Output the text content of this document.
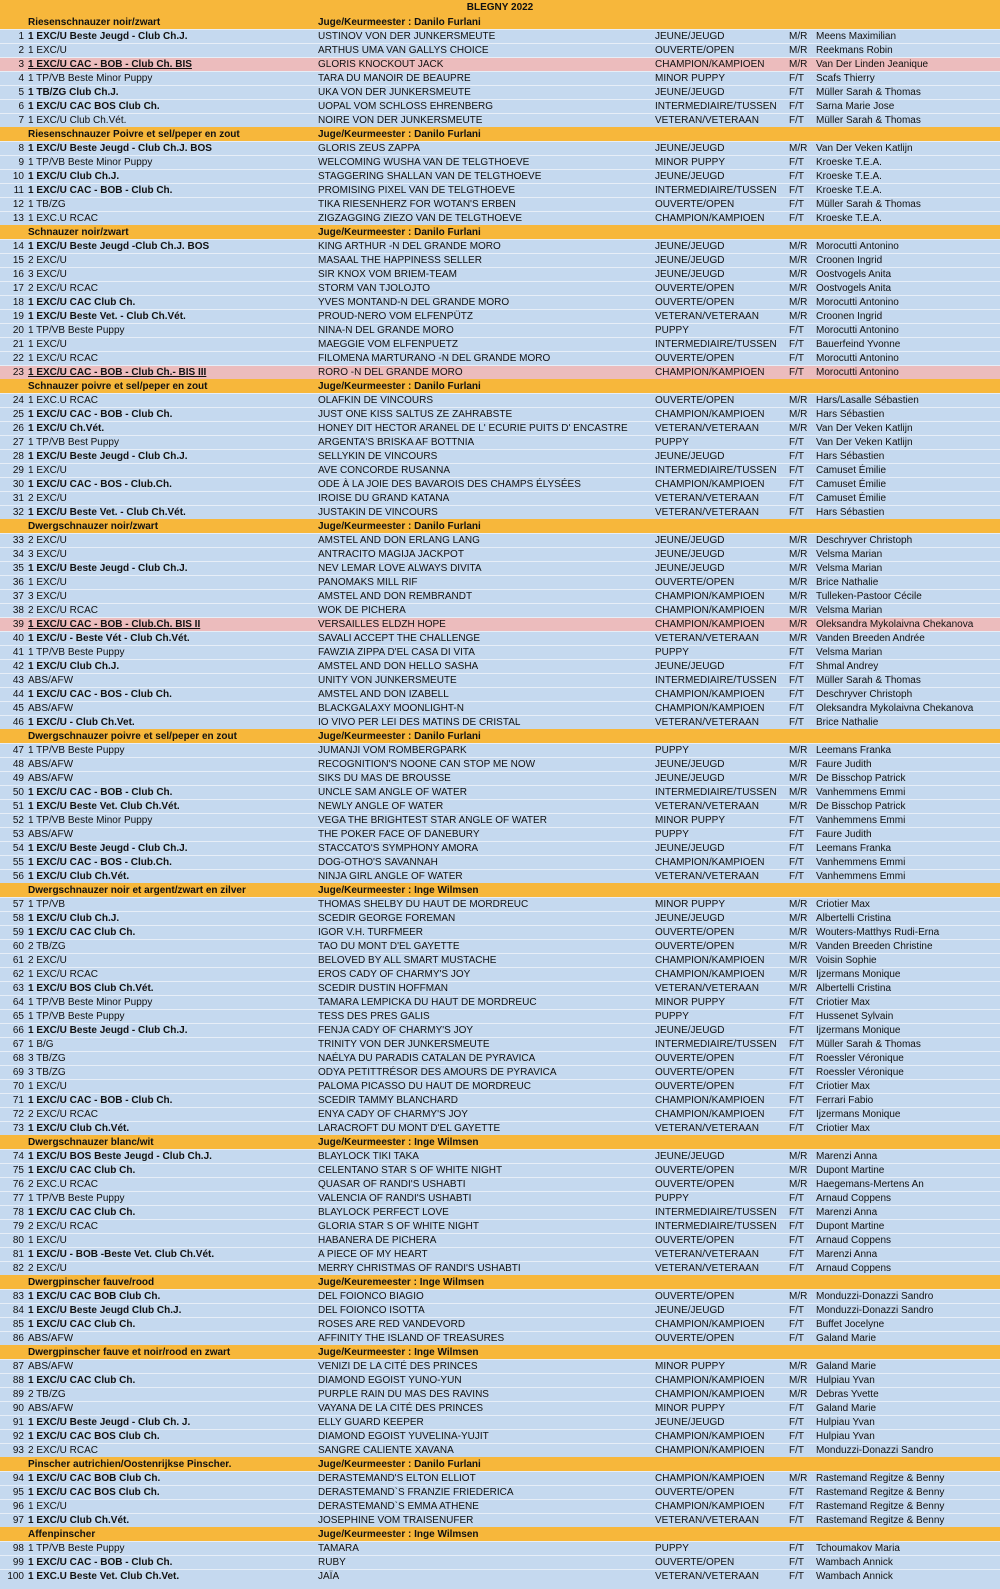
BLEGNY 2022
Riesenschnauzer noir/zwart	Juge/Keurmeester : Danilo Furlani
1 1 EXC/U Beste Jeugd - Club Ch.J.	USTINOV VON DER JUNKERSMEUTE	JEUNE/JEUGD	M/R Meens Maximilian
2 1 EXC/U	ARTHUS UMA VAN GALLYS CHOICE	OUVERTE/OPEN	M/R Reekmans Robin
3 1 EXC/U CAC - BOB - Club Ch. BIS	GLORIS KNOCKOUT JACK	CHAMPION/KAMPIOEN	M/R Van Der Linden Jeanique
4 1 TP/VB Beste Minor Puppy	TARA DU MANOIR DE BEAUPRE	MINOR PUPPY	F/T	Scafs Thierry
5 1 TB/ZG Club Ch.J.	UKA VON DER JUNKERSMEUTE	JEUNE/JEUGD	F/T	Müller Sarah & Thomas
6 1 EXC/U CAC BOS Club Ch.	UOPAL VOM SCHLOSS EHRENBERG	INTERMEDIAIRE/TUSSEN	F/T	Sarna Marie Jose
7 1 EXC/U Club Ch.Vét.	NOIRE VON DER JUNKERSMEUTE	VETERAN/VETERAAN	F/T	Müller Sarah & Thomas
Riesenschnauzer Poivre et sel/peper en zout	Juge/Keurmeester : Danilo Furlani
8 1 EXC/U Beste Jeugd - Club Ch.J. BOS	GLORIS ZEUS ZAPPA	JEUNE/JEUGD	M/R Van Der Veken Katlijn
9 1 TP/VB Beste Minor Puppy	WELCOMING WUSHA VAN DE TELGTHOEVE	MINOR PUPPY	F/T	Kroeske T.E.A.
10 1 EXC/U Club Ch.J.	STAGGERING SHALLAN VAN DE TELGTHOEVE	JEUNE/JEUGD	F/T	Kroeske T.E.A.
11 1 EXC/U CAC - BOB - Club Ch.	PROMISING PIXEL VAN DE TELGTHOEVE	INTERMEDIAIRE/TUSSEN	F/T	Kroeske T.E.A.
12 1 TB/ZG	TIKA RIESENHERZ FOR WOTAN'S ERBEN	OUVERTE/OPEN	F/T	Müller Sarah & Thomas
13 1 EXC.U RCAC	ZIGZAGGING ZIEZO VAN DE TELGTHOEVE	CHAMPION/KAMPIOEN	F/T	Kroeske T.E.A.
Schnauzer noir/zwart	Juge/Keurmeester : Danilo Furlani
14 1 EXC/U Beste Jeugd -Club Ch.J. BOS	KING ARTHUR -N DEL GRANDE MORO	JEUNE/JEUGD	M/R Morocutti Antonino
15 2 EXC/U	MASAAL THE HAPPINESS SELLER	JEUNE/JEUGD	M/R Croonen Ingrid
16 3 EXC/U	SIR KNOX VOM BRIEM-TEAM	JEUNE/JEUGD	M/R Oostvogels Anita
17 2 EXC/U RCAC	STORM VAN TJOLOJTO	OUVERTE/OPEN	M/R Oostvogels Anita
18 1 EXC/U CAC Club Ch.	YVES MONTAND-N DEL GRANDE MORO	OUVERTE/OPEN	M/R Morocutti Antonino
19 1 EXC/U Beste Vet. - Club Ch.Vét.	PROUD-NERO VOM ELFENPÜTZ	VETERAN/VETERAAN	M/R Croonen Ingrid
20 1 TP/VB Beste Puppy	NINA-N DEL GRANDE MORO	PUPPY	F/T	Morocutti Antonino
21 1 EXC/U	MAEGGIE VOM ELFENPUETZ	INTERMEDIAIRE/TUSSEN	F/T	Bauerfeind Yvonne
22 1 EXC/U RCAC	FILOMENA MARTURANO -N DEL GRANDE MORO	OUVERTE/OPEN	F/T	Morocutti Antonino
23 1 EXC/U CAC - BOB - Club Ch.- BIS III	RORO -N DEL GRANDE MORO	CHAMPION/KAMPIOEN	F/T	Morocutti Antonino
Schnauzer poivre et sel/peper en zout	Juge/Keurmeester : Danilo Furlani
24 1 EXC.U RCAC	OLAFKIN DE VINCOURS	OUVERTE/OPEN	M/R Hars/Lasalle Sébastien
25 1 EXC/U CAC - BOB - Club Ch.	JUST ONE KISS SALTUS ZE ZAHRABSTE	CHAMPION/KAMPIOEN	M/R Hars Sébastien
26 1 EXC/U Ch.Vét.	HONEY DIT HECTOR ARANEL DE L' ECURIE PUITS D' ENCASTRE	VETERAN/VETERAAN	M/R Van Der Veken Katlijn
27 1 TP/VB Best Puppy	ARGENTA'S BRISKA AF BOTTNIA	PUPPY	F/T	Van Der Veken Katlijn
28 1 EXC/U Beste Jeugd - Club Ch.J.	SELLYKIN DE VINCOURS	JEUNE/JEUGD	F/T	Hars Sébastien
29 1 EXC/U	AVE CONCORDE RUSANNA	INTERMEDIAIRE/TUSSEN	F/T	Camuset Émilie
30 1 EXC/U CAC - BOS - Club.Ch.	ODE À LA JOIE DES BAVAROIS DES CHAMPS ÉLYSÉES	CHAMPION/KAMPIOEN	F/T	Camuset Émilie
31 2 EXC/U	IROISE DU GRAND KATANA	VETERAN/VETERAAN	F/T	Camuset Émilie
32 1 EXC/U Beste Vet. - Club Ch.Vét.	JUSTAKIN DE VINCOURS	VETERAN/VETERAAN	F/T	Hars Sébastien
Dwergschnauzer noir/zwart	Juge/Keurmeester : Danilo Furlani
33 2 EXC/U	AMSTEL AND DON ERLANG LANG	JEUNE/JEUGD	M/R Deschryver Christoph
34 3 EXC/U	ANTRACITO MAGIJA JACKPOT	JEUNE/JEUGD	M/R Velsma Marian
35 1 EXC/U Beste Jeugd - Club Ch.J.	NEV LEMAR LOVE ALWAYS DIVITA	JEUNE/JEUGD	M/R Velsma Marian
36 1 EXC/U	PANOMAKS MILL RIF	OUVERTE/OPEN	M/R Brice Nathalie
37 3 EXC/U	AMSTEL AND DON REMBRANDT	CHAMPION/KAMPIOEN	M/R Tulleken-Pastoor Cécile
38 2 EXC/U RCAC	WOK DE PICHERA	CHAMPION/KAMPIOEN	M/R Velsma Marian
39 1 EXC/U CAC - BOB - Club.Ch. BIS II	VERSAILLES ELDZH HOPE	CHAMPION/KAMPIOEN	M/R Oleksandra Mykolaivna Chekanova
40 1 EXC/U - Beste Vét - Club Ch.Vét.	SAVALI ACCEPT THE CHALLENGE	VETERAN/VETERAAN	M/R Vanden Breeden Andrée
41 1 TP/VB Beste Puppy	FAWZIA ZIPPA D'EL CASA DI VITA	PUPPY	F/T	Velsma Marian
42 1 EXC/U Club Ch.J.	AMSTEL AND DON HELLO SASHA	JEUNE/JEUGD	F/T	Shmal Andrey
43 ABS/AFW	UNITY VON JUNKERSMEUTE	INTERMEDIAIRE/TUSSEN	F/T	Müller Sarah & Thomas
44 1 EXC/U CAC - BOS - Club Ch.	AMSTEL AND DON IZABELL	CHAMPION/KAMPIOEN	F/T	Deschryver Christoph
45 ABS/AFW	BLACKGALAXY MOONLIGHT-N	CHAMPION/KAMPIOEN	F/T	Oleksandra Mykolaivna Chekanova
46 1 EXC/U - Club Ch.Vet.	IO VIVO PER LEI DES MATINS DE CRISTAL	VETERAN/VETERAAN	F/T	Brice Nathalie
Dwergschnauzer poivre et sel/peper en zout	Juge/Keurmeester : Danilo Furlani
47 1 TP/VB Beste Puppy	JUMANJI VOM ROMBERGPARK	PUPPY	M/R Leemans Franka
48 ABS/AFW	RECOGNITION'S NOONE CAN STOP ME NOW	JEUNE/JEUGD	M/R Faure Judith
49 ABS/AFW	SIKS DU MAS DE BROUSSE	JEUNE/JEUGD	M/R De Bisschop Patrick
50 1 EXC/U CAC - BOB - Club Ch.	UNCLE SAM ANGLE OF WATER	INTERMEDIAIRE/TUSSEN	M/R Vanhemmens Emmi
51 1 EXC/U Beste Vet. Club Ch.Vét.	NEWLY ANGLE OF WATER	VETERAN/VETERAAN	M/R De Bisschop Patrick
52 1 TP/VB Beste Minor Puppy	VEGA THE BRIGHTEST STAR ANGLE OF WATER	MINOR PUPPY	F/T	Vanhemmens Emmi
53 ABS/AFW	THE POKER FACE OF DANEBURY	PUPPY	F/T	Faure Judith
54 1 EXC/U Beste Jeugd - Club Ch.J.	STACCATO'S SYMPHONY AMORA	JEUNE/JEUGD	F/T	Leemans Franka
55 1 EXC/U CAC - BOS - Club.Ch.	DOG-OTHO'S SAVANNAH	CHAMPION/KAMPIOEN	F/T	Vanhemmens Emmi
56 1 EXC/U Club Ch.Vét.	NINJA GIRL ANGLE OF WATER	VETERAN/VETERAAN	F/T	Vanhemmens Emmi
Dwergschnauzer noir et argent/zwart en zilver	Juge/Keurmeester : Inge Wilmsen
57 1 TP/VB	THOMAS SHELBY DU HAUT DE MORDREUC	MINOR PUPPY	M/R Criotier Max
58 1 EXC/U Club Ch.J.	SCEDIR GEORGE FOREMAN	JEUNE/JEUGD	M/R Albertelli Cristina
59 1 EXC/U CAC Club Ch.	IGOR V.H. TURFMEER	OUVERTE/OPEN	M/R Wouters-Matthys Rudi-Erna
60 2 TB/ZG	TAO DU MONT D'EL GAYETTE	OUVERTE/OPEN	M/R Vanden Breeden Christine
61 2 EXC/U	BELOVED BY ALL SMART MUSTACHE	CHAMPION/KAMPIOEN	M/R Voisin Sophie
62 1 EXC/U RCAC	EROS CADY OF CHARMY'S JOY	CHAMPION/KAMPIOEN	M/R Ijzermans Monique
63 1 EXC/U BOS Club Ch.Vét.	SCEDIR DUSTIN HOFFMAN	VETERAN/VETERAAN	M/R Albertelli Cristina
64 1 TP/VB Beste Minor Puppy	TAMARA LEMPICKA DU HAUT DE MORDREUC	MINOR PUPPY	F/T	Criotier Max
65 1 TP/VB Beste Puppy	TESS DES PRES GALIS	PUPPY	F/T	Hussenet Sylvain
66 1 EXC/U Beste Jeugd - Club Ch.J.	FENJA CADY OF CHARMY'S JOY	JEUNE/JEUGD	F/T	Ijzermans Monique
67 1 B/G	TRINITY VON DER JUNKERSMEUTE	INTERMEDIAIRE/TUSSEN	F/T	Müller Sarah & Thomas
68 3 TB/ZG	NAÉLYA DU PARADIS CATALAN DE PYRAVICA	OUVERTE/OPEN	F/T	Roessler Véronique
69 3 TB/ZG	ODYA PETITTRÉSOR DES AMOURS DE PYRAVICA	OUVERTE/OPEN	F/T	Roessler Véronique
70 1 EXC/U	PALOMA PICASSO DU HAUT DE MORDREUC	OUVERTE/OPEN	F/T	Criotier Max
71 1 EXC/U CAC - BOB - Club Ch.	SCEDIR TAMMY BLANCHARD	CHAMPION/KAMPIOEN	F/T	Ferrari Fabio
72 2 EXC/U RCAC	ENYA CADY OF CHARMY'S JOY	CHAMPION/KAMPIOEN	F/T	Ijzermans Monique
73 1 EXC/U Club Ch.Vét.	LARACROFT DU MONT D'EL GAYETTE	VETERAN/VETERAAN	F/T	Criotier Max
Dwergschnauzer blanc/wit	Juge/Keurmeester : Inge Wilmsen
74 1 EXC/U BOS Beste Jeugd - Club Ch.J.	BLAYLOCK TIKI TAKA	JEUNE/JEUGD	M/R Marenzi Anna
75 1 EXC/U CAC Club Ch.	CELENTANO STAR S OF WHITE NIGHT	OUVERTE/OPEN	M/R Dupont Martine
76 2 EXC.U RCAC	QUASAR OF RANDI'S USHABTI	OUVERTE/OPEN	M/R Haegemans-Mertens An
77 1 TP/VB Beste Puppy	VALENCIA OF RANDI'S USHABTI	PUPPY	F/T	Arnaud Coppens
78 1 EXC/U CAC Club Ch.	BLAYLOCK PERFECT LOVE	INTERMEDIAIRE/TUSSEN	F/T	Marenzi Anna
79 2 EXC/U RCAC	GLORIA STAR S OF WHITE NIGHT	INTERMEDIAIRE/TUSSEN	F/T	Dupont Martine
80 1 EXC/U	HABANERA DE PICHERA	OUVERTE/OPEN	F/T	Arnaud Coppens
81 1 EXC/U - BOB -Beste Vet. Club Ch.Vét.	A PIECE OF MY HEART	VETERAN/VETERAAN	F/T	Marenzi Anna
82 2 EXC/U	MERRY CHRISTMAS OF RANDI'S USHABTI	VETERAN/VETERAAN	F/T	Arnaud Coppens
Dwergpinscher fauve/rood	Juge/Keuremeester : Inge Wilmsen
83 1 EXC/U CAC BOB Club Ch.	DEL FOIONCO BIAGIO	OUVERTE/OPEN	M/R Monduzzi-Donazzi Sandro
84 1 EXC/U Beste Jeugd Club Ch.J.	DEL FOIONCO ISOTTA	JEUNE/JEUGD	F/T	Monduzzi-Donazzi Sandro
85 1 EXC/U CAC Club Ch.	ROSES ARE RED VANDEVORD	CHAMPION/KAMPIOEN	F/T	Buffet Jocelyne
86 ABS/AFW	AFFINITY THE ISLAND OF TREASURES	OUVERTE/OPEN	F/T	Galand Marie
Dwergpinscher fauve et noir/rood en zwart	Juge/Keurmeester : Inge Wilmsen
87 ABS/AFW	VENIZI DE LA CITÉ DES PRINCES	MINOR PUPPY	M/R Galand Marie
88 1 EXC/U CAC Club Ch.	DIAMOND EGOIST YUNO-YUN	CHAMPION/KAMPIOEN	M/R Hulpiau Yvan
89 2 TB/ZG	PURPLE RAIN DU MAS DES RAVINS	CHAMPION/KAMPIOEN	M/R Debras Yvette
90 ABS/AFW	VAYANA DE LA CITÉ DES PRINCES	MINOR PUPPY	F/T	Galand Marie
91 1 EXC/U Beste Jeugd - Club Ch. J.	ELLY GUARD KEEPER	JEUNE/JEUGD	F/T	Hulpiau Yvan
92 1 EXC/U CAC BOS Club Ch.	DIAMOND EGOIST YUVELINA-YUJIT	CHAMPION/KAMPIOEN	F/T	Hulpiau Yvan
93 2 EXC/U RCAC	SANGRE CALIENTE XAVANA	CHAMPION/KAMPIOEN	F/T	Monduzzi-Donazzi Sandro
Pinscher autrichien/Oostenrijkse Pinscher.	Juge/Keurmeester : Danilo Furlani
94 1 EXC/U CAC BOB Club Ch.	DERASTEMAND'S ELTON ELLIOT	CHAMPION/KAMPIOEN	M/R Rastemand Regitze & Benny
95 1 EXC/U CAC BOS Club Ch.	DERASTEMAND`S FRANZIE FRIEDERICA	OUVERTE/OPEN	F/T	Rastemand Regitze & Benny
96 1 EXC/U	DERASTEMAND`S EMMA ATHENE	CHAMPION/KAMPIOEN	F/T	Rastemand Regitze & Benny
97 1 EXC/U Club Ch.Vét.	JOSEPHINE VOM TRAISENUFER	VETERAN/VETERAAN	F/T	Rastemand Regitze & Benny
Affenpinscher	Juge/Keurmeester : Inge Wilmsen
98 1 TP/VB Beste Puppy	TAMARA	PUPPY	F/T	Tchoumakov Maria
99 1 EXC/U CAC - BOB - Club Ch.	RUBY	OUVERTE/OPEN	F/T	Wambach Annick
100 1 EXC.U Beste Vet. Club Ch.Vet.	JAÏA	VETERAN/VETERAAN	F/T	Wambach Annick
